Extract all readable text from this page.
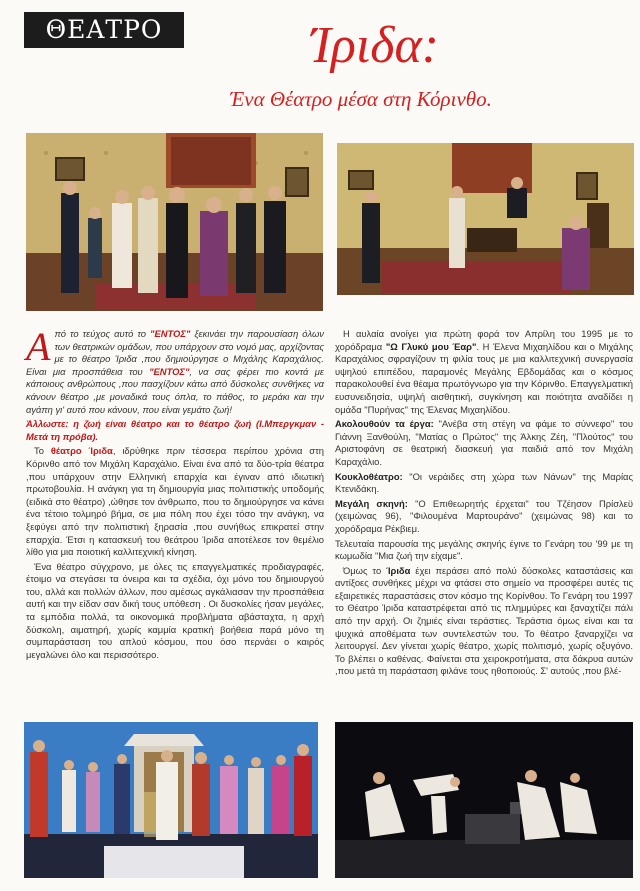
ΘΕΑΤΡΟ	Ίριδα:
Ένα Θέατρο μέσα στη Κόρινθο.

Από το τεύχος αυτό το "ΕΝΤΟΣ" ξεκινάει την παρουσίαση όλων των θεατρικών ομάδων, που υπάρχουν στο νομό μας, αρχίζοντας με το θέατρο Ίριδα ,που δημιούργησε ο Μιχάλης Καραχάλιος. Είναι μια προσπάθεια του "ΕΝΤΟΣ", να σας φέρει πιο κοντά με κάποιους ανθρώπους ,που πασχίζουν κάτω από δύσκολες συνθήκες να κάνουν θέατρο ,με μοναδικά τους όπλα, το πάθος, το μεράκι και την αγάπη γι' αυτό που κάνουν, που είναι γεμάτο ζωή!

Άλλωστε: η ζωή είναι θέατρο και το θέατρο ζωή (Ι.Μπεργκμαν - Μετά τη πρόβα).

Το θέατρο Ίριδα, ιδρύθηκε πριν τέσσερα περίπου χρόνια στη Κόρινθο από τον Μιχάλη Καραχάλιο. Είναι ένα από τα δύο-τρία θέατρα ,που υπάρχουν στην Ελληνική επαρχία και έγιναν από ιδιωτική πρωτοβουλία. Η ανάγκη για τη δημιουργία μιας πολιτιστικής υποδομής (ειδικά στο θέατρο) ,ώθησε τον άνθρωπο, που το δημιούργησε να κάνει ένα τέτοιο τολμηρό βήμα, σε μια πόλη που έχει τόσο την ανάγκη, να ξεφύγει από την πολιτιστική ξηρασία ,που συνήθως επικρατεί στην επαρχία. Έτσι η κατασκευή του θεάτρου Ίριδα αποτέλεσε τον θεμέλιο λίθο για μια ποιοτική καλλιτεχνική κίνηση.

Ένα θέατρο σύγχρονο, με όλες τις επαγγελματικές προδιαγραφές, έτοιμο να στεγάσει τα όνειρα και τα σχέδια, όχι μόνο του δημιουργού του, αλλά και πολλών άλλων, που αμέσως αγκάλιασαν την προσπάθεια αυτή και την είδαν σαν δική τους υπόθεση . Οι δυσκολίες ήσαν μεγάλες, τα εμπόδια πολλά, τα οικονομικά προβλήματα αβάσταχτα, η αρχή δύσκολη, αιματηρή, χωρίς καμμία κρατική βοήθεια παρά μόνο τη συμπαράσταση του απλού κόσμου, που όσο περνάει ο καιρός μεγαλώνει όλο και περισσότερο.

Η αυλαία ανοίγει για πρώτη φορά τον Απρίλη του 1995 με το χορόδραμα "Ω Γλυκύ μου Έαρ". Η Έλενα Μιχαηλίδου και ο Μιχάλης Καραχάλιος σφραγίζουν τη φιλία τους με μια καλλιτεχνική συνεργασία υψηλού επιπέδου, παραμονές Μεγάλης Εβδομάδας και ο κόσμος παρακολουθεί ένα θέαμα πρωτόγνωρο για την Κόρινθο. Επαγγελματική ευσυνειδησία, υψηλή αισθητική, συγκίνηση και ποιότητα αναδίδει η ομάδα "Πυρήνας" της Έλενας Μιχαηλίδου.

Ακολουθούν τα έργα: "Ανέβα στη στέγη να φάμε το σύννεφο" του Γιάννη Ξανθούλη, "Ματίας ο Πρώτος" της Άλκης Ζέη, "Πλούτος" του Αριστοφάνη σε θεατρική διασκευή για παιδιά από τον Μιχάλη Καραχάλιο.

Κουκλοθέατρο: "Οι νεράιδες στη χώρα των Νάνων" της Μαρίας Κτενιδάκη.

Μεγάλη σκηνή: "Ο Επιθεωρητής έρχεται" του Τζέησον Πρίσλεϋ (χειμώνας 96), "Φιλουμένα Μαρτουράνο" (χειμώνας 98) και το χορόδραμα Ρέκβιεμ.

Τελευταία παρουσία της μεγάλης σκηνής έγινε το Γενάρη του '99 με τη κωμωδία "Μια ζωή την είχαμε".

Όμως το Ίριδα έχει περάσει από πολύ δύσκολες καταστάσεις και αντίξοες συνθήκες μέχρι να φτάσει στο σημείο να προσφέρει αυτές τις εξαιρετικές παραστάσεις στον κόσμο της Κορίνθου. Το Γενάρη του 1997 το Θέατρο Ίριδα καταστρέφεται από τις πλημμύρες και ξαναχτίζει πάλι από την αρχή. Οι ζημιές είναι τεράστιες. Τεράστια όμως είναι και τα ψυχικά αποθέματα των συντελεστών του. Το θέατρο ξαναρχίζει να λειτουργεί. Δεν γίνεται χωρίς θέατρο, χωρίς πολιτισμό, χωρίς οξυγόνο. Το βλέπει ο καθένας. Φαίνεται στα χειροκροτήματα, στα δάκρυα αυτών ,που μετά τη παράσταση φιλάνε τους ηθοποιούς. Σ' αυτούς ,που βλέ-
